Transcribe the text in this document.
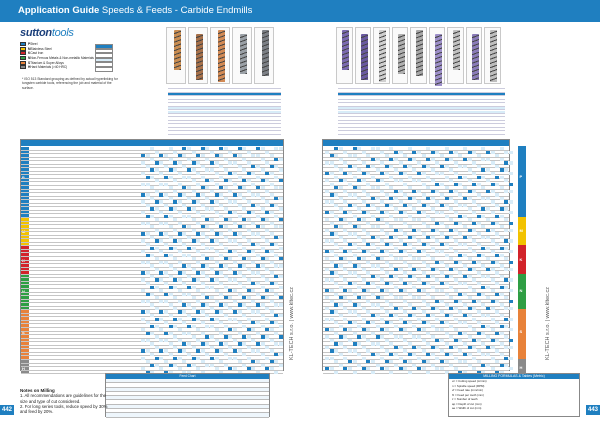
Application Guide Speeds & Feeds - Carbide Endmills
suttontools
P Steel
M Stainless Steel
K Cast Iron
N Non-Ferrous Metals & Non-metallic Materials
S Titanium & Super Alloys
H Hard Materials (>40 HRC)
* ISO 513 Standard grouping as defined by actual hyperlinking for tungsten carbide tools, referencing the job and material of the surface.
P
M
K
N
S
H
P
M
K
N
S
H
Feed Chart
Notes on Milling
1. All recommendations are guidelines for the size and type of cut considered.
2. For long series tools, reduce speed by 30% and feed by 20%.
MILLING FORMULAS & Tables (Metric)
vc = Cutting speed (m/min)
n = Spindle speed (RPM)
vf = Feed rate (mm/min)
fz = Feed per tooth (mm)
z = Number of teeth
ap = Depth of cut (mm)
ae = Width of cut (mm)
KL-TECH s.r.o. | www.kltec.cz	KL-TECH s.r.o. | www.kltec.cz
442	443
